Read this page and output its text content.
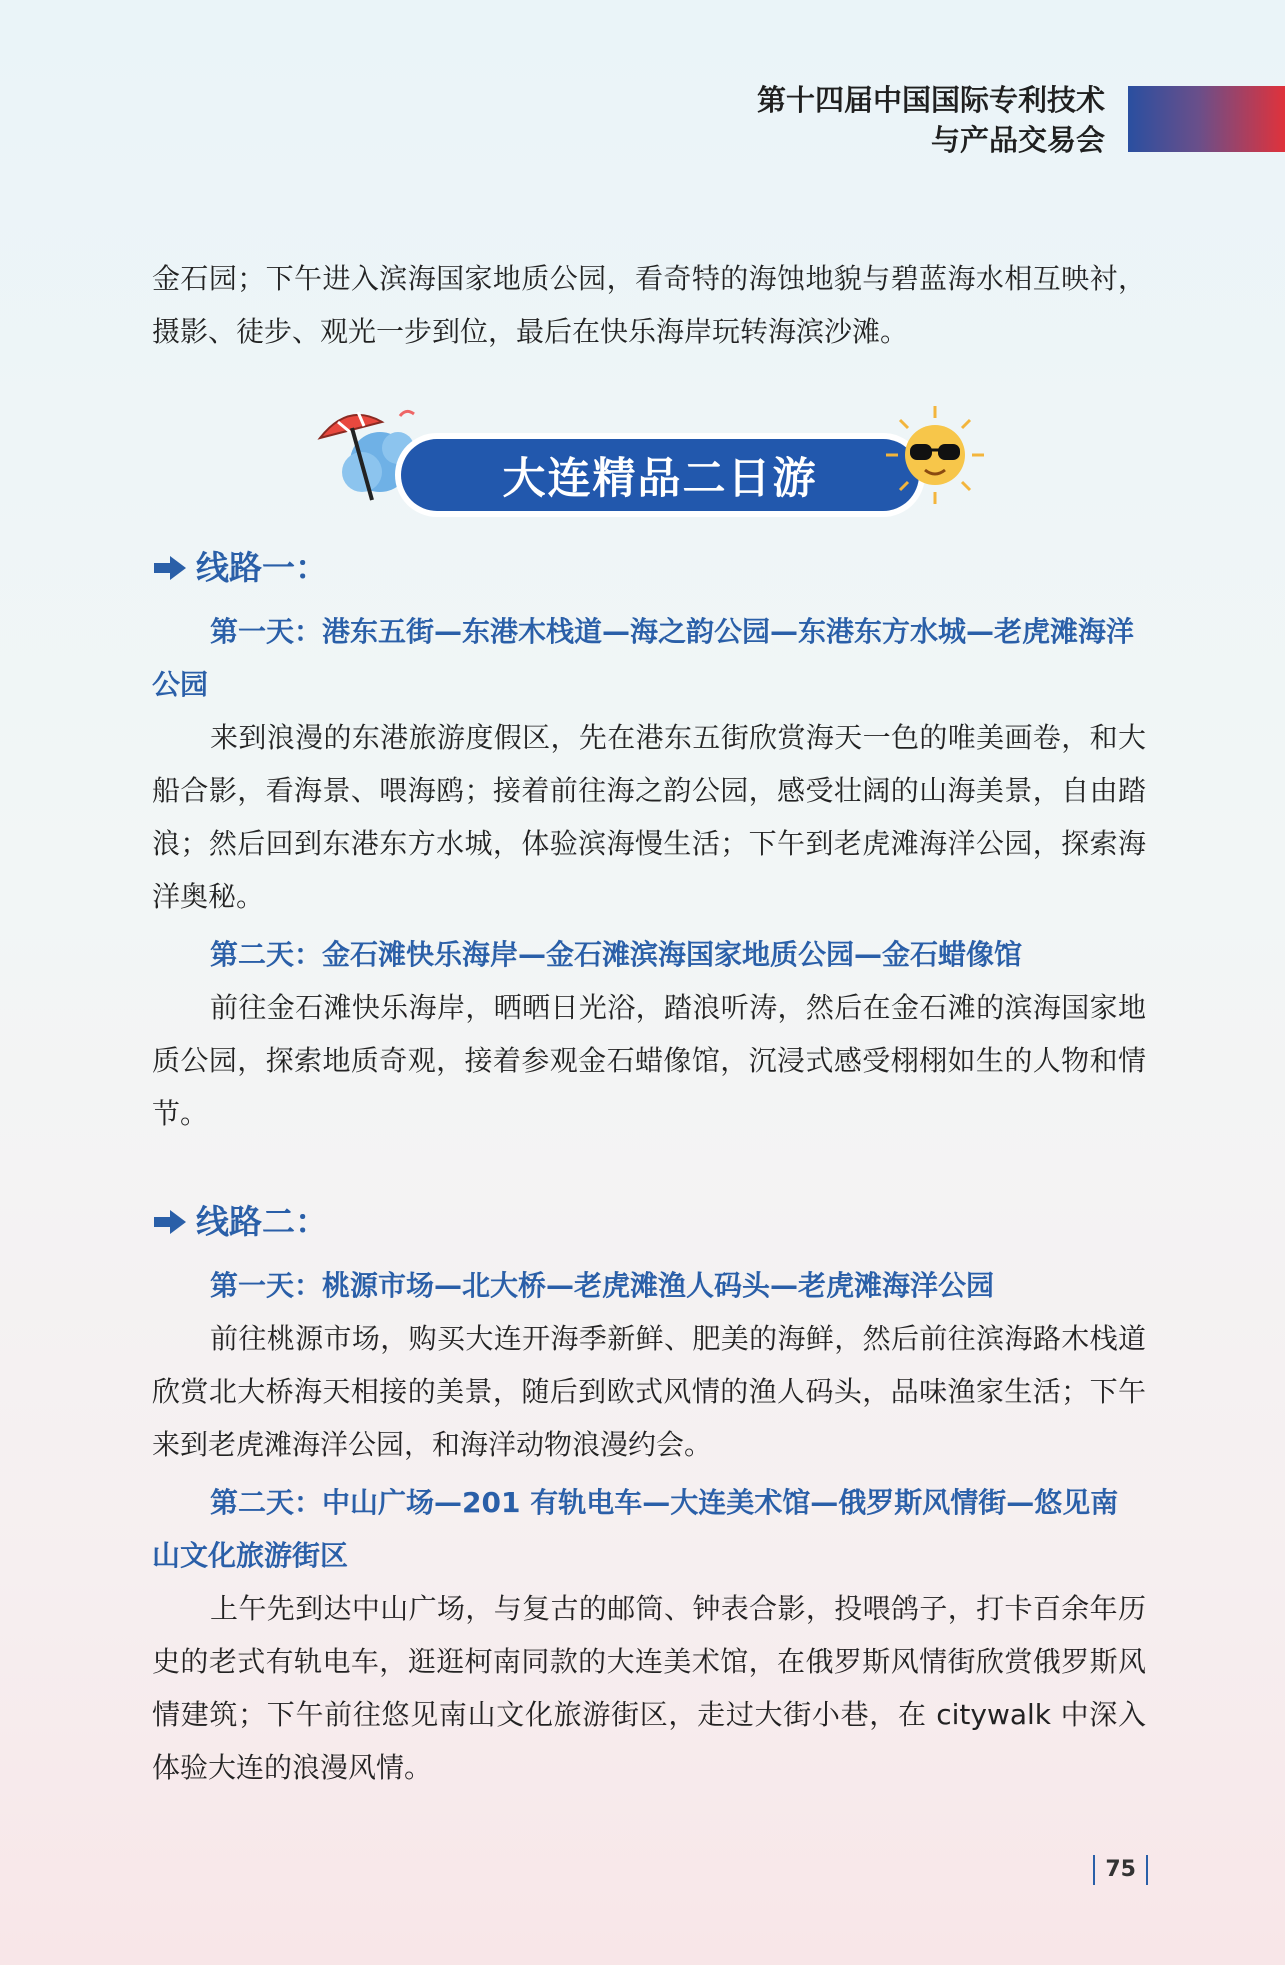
第十四届中国国际专利技术
与产品交易会

金石园；下午进入滨海国家地质公园，看奇特的海蚀地貌与碧蓝海水相互映衬，摄影、徒步、观光一步到位，最后在快乐海岸玩转海滨沙滩。

大连精品二日游

线路一：

第一天：港东五街—东港木栈道—海之韵公园—东港东方水城—老虎滩海洋公园

来到浪漫的东港旅游度假区，先在港东五街欣赏海天一色的唯美画卷，和大船合影，看海景、喂海鸥；接着前往海之韵公园，感受壮阔的山海美景，自由踏浪；然后回到东港东方水城，体验滨海慢生活；下午到老虎滩海洋公园，探索海洋奥秘。

第二天：金石滩快乐海岸—金石滩滨海国家地质公园—金石蜡像馆

前往金石滩快乐海岸，晒晒日光浴，踏浪听涛，然后在金石滩的滨海国家地质公园，探索地质奇观，接着参观金石蜡像馆，沉浸式感受栩栩如生的人物和情节。

线路二：

第一天：桃源市场—北大桥—老虎滩渔人码头—老虎滩海洋公园

前往桃源市场，购买大连开海季新鲜、肥美的海鲜，然后前往滨海路木栈道欣赏北大桥海天相接的美景，随后到欧式风情的渔人码头，品味渔家生活；下午来到老虎滩海洋公园，和海洋动物浪漫约会。

第二天：中山广场—201 有轨电车—大连美术馆—俄罗斯风情街—悠见南山文化旅游街区

上午先到达中山广场，与复古的邮筒、钟表合影，投喂鸽子，打卡百余年历史的老式有轨电车，逛逛柯南同款的大连美术馆，在俄罗斯风情街欣赏俄罗斯风情建筑；下午前往悠见南山文化旅游街区，走过大街小巷，在 citywalk 中深入体验大连的浪漫风情。

75
